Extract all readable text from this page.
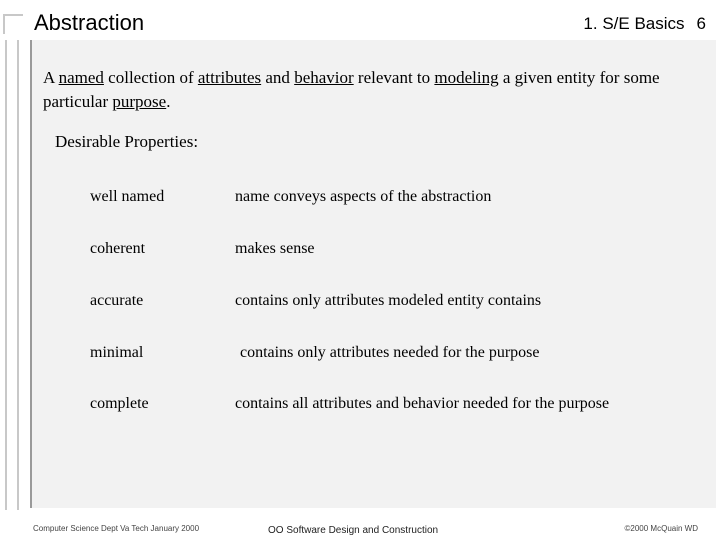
Abstraction	1. S/E Basics 6
A named collection of attributes and behavior relevant to modeling a given entity for some particular purpose.
Desirable Properties:
well named	name conveys aspects of the abstraction
coherent	makes sense
accurate	contains only attributes modeled entity contains
minimal	contains only attributes needed for the purpose
complete	contains all attributes and behavior needed for the purpose
Computer Science Dept Va Tech January 2000	OO Software Design and Construction	©2000 McQuain WD
